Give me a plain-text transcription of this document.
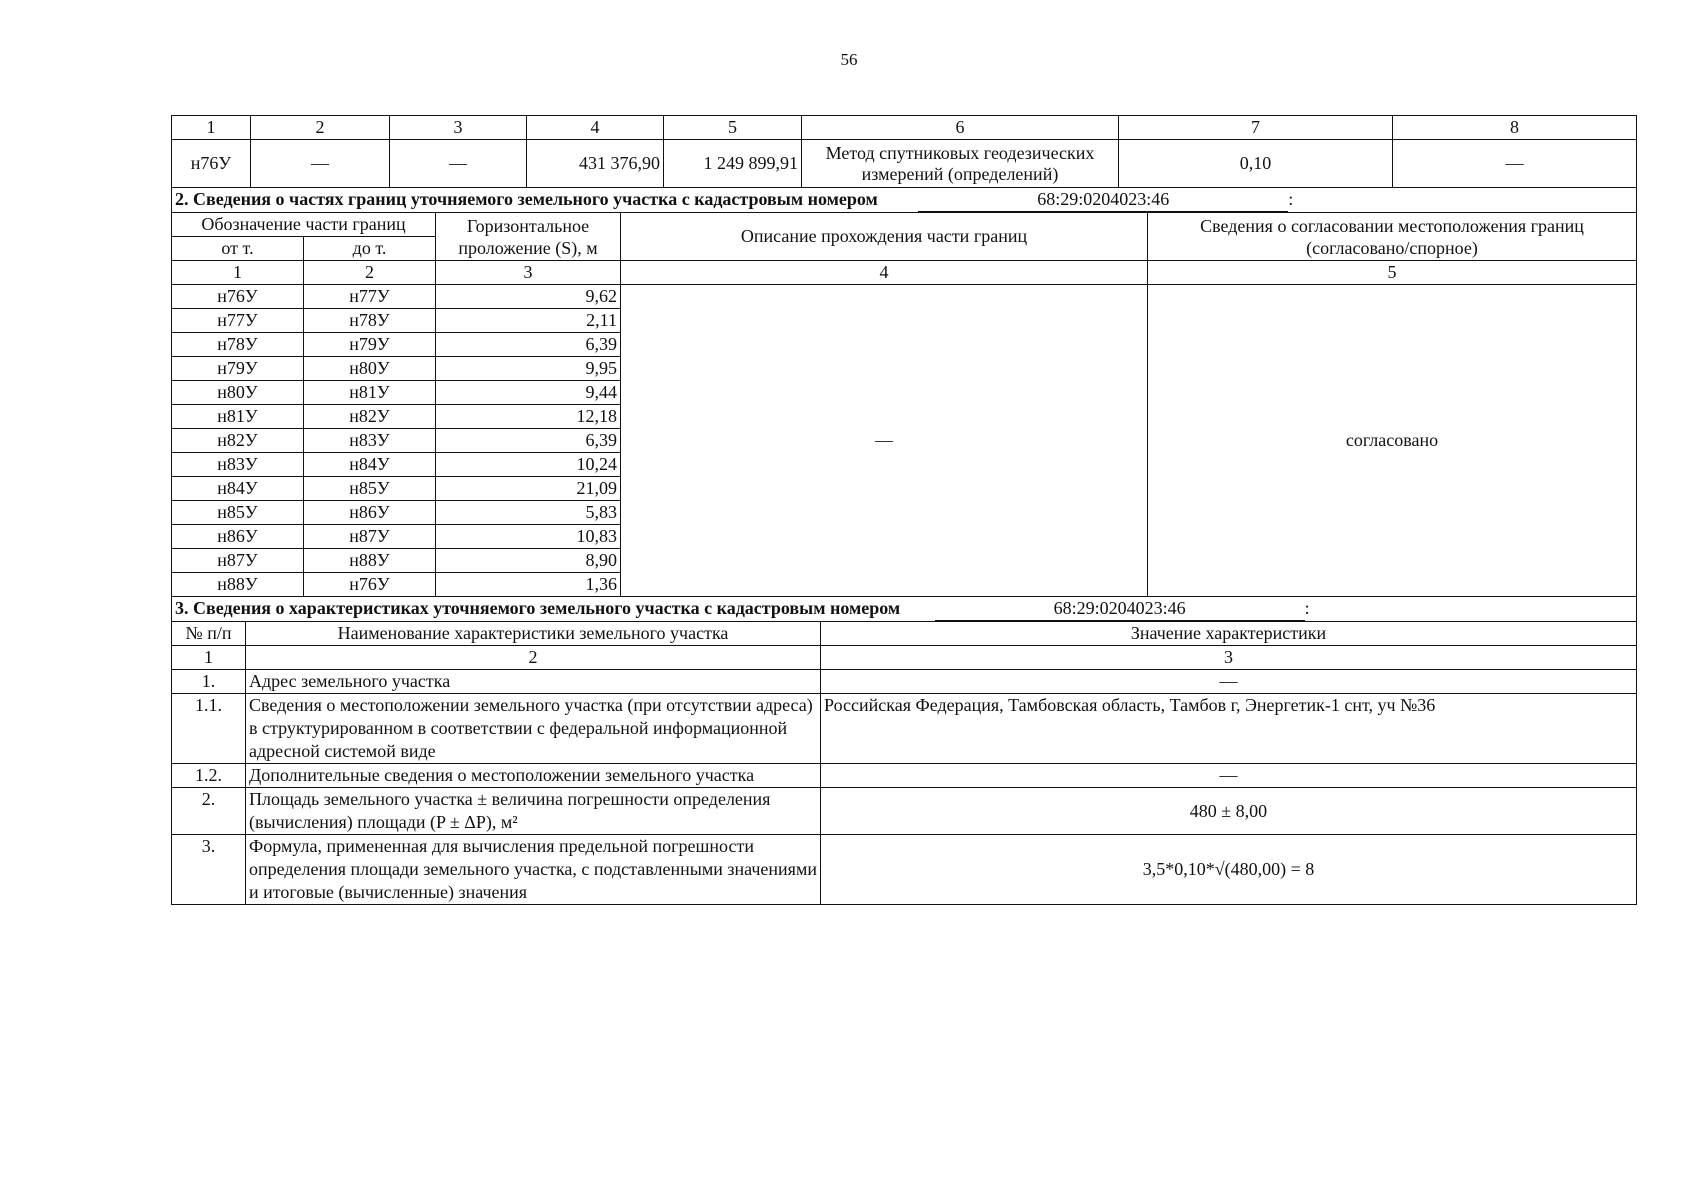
56
1	2	3	4	5	6	7	8
н76У	—	—	431 376,90	1 249 899,91	Метод спутниковых геодезических измерений (определений)	0,10	—
2. Сведения о частях границ уточняемого земельного участка с кадастровым номером 68:29:0204023:46 :				
Обозначение части границ		Горизонтальное проложение (S), м	Описание прохождения части границ	Сведения о согласовании местоположения границ (согласовано/спорное)
от т.	до т.			
1	2	3	4	5
н76У	н77У	9,62	—	согласовано
н77У	н78У	2,11		
н78У	н79У	6,39		
н79У	н80У	9,95		
н80У	н81У	9,44		
н81У	н82У	12,18		
н82У	н83У	6,39		
н83У	н84У	10,24		
н84У	н85У	21,09		
н85У	н86У	5,83		
н86У	н87У	10,83		
н87У	н88У	8,90		
н88У	н76У	1,36		
3. Сведения о характеристиках уточняемого земельного участка с кадастровым номером 68:29:0204023:46 :		
№ п/п	Наименование характеристики земельного участка	Значение характеристики
1	2	3
1.	Адрес земельного участка	—
1.1.	Сведения о местоположении земельного участка (при отсутствии адреса) в структурированном в соответствии с федеральной информационной адресной системой виде	Российская Федерация, Тамбовская область, Тамбов г, Энергетик-1 снт, уч №36
1.2.	Дополнительные сведения о местоположении земельного участка	—
2.	Площадь земельного участка ± величина погрешности определения (вычисления) площади (P ± ΔP), м²	480 ± 8,00
3.	Формула, примененная для вычисления предельной погрешности определения площади земельного участка, с подставленными значениями и итоговые (вычисленные) значения	3,5*0,10*√(480,00) = 8
